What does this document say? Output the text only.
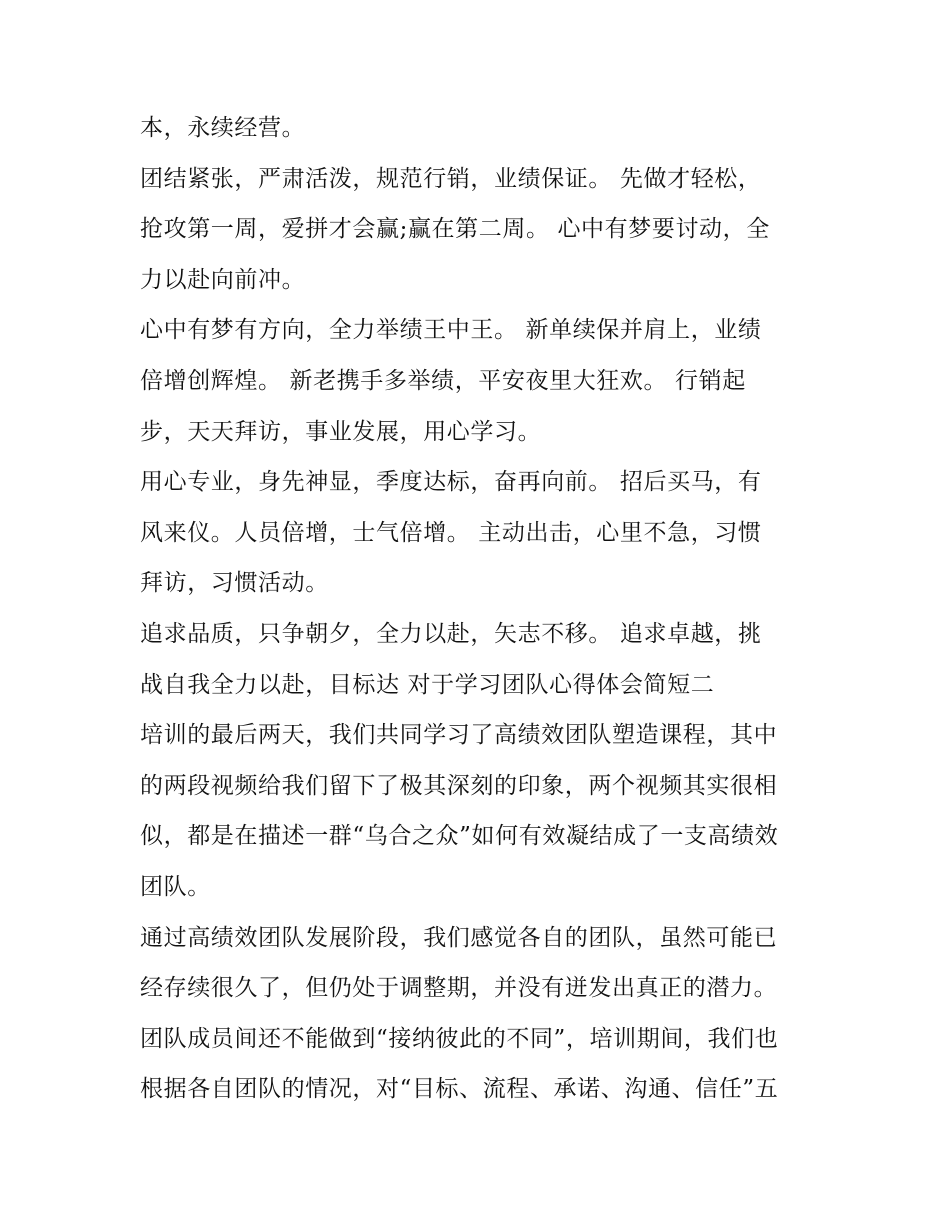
本，永续经营。
团结紧张，严肃活泼，规范行销，业绩保证。 先做才轻松，
抢攻第一周，爱拼才会赢;赢在第二周。 心中有梦要讨动，全
力以赴向前冲。
心中有梦有方向，全力举绩王中王。 新单续保并肩上，业绩
倍增创辉煌。 新老携手多举绩，平安夜里大狂欢。 行销起
步，天天拜访，事业发展，用心学习。
用心专业，身先神显，季度达标，奋再向前。 招后买马，有
风来仪。人员倍增，士气倍增。 主动出击，心里不急，习惯
拜访，习惯活动。
追求品质，只争朝夕，全力以赴，矢志不移。 追求卓越，挑
战自我全力以赴，目标达 对于学习团队心得体会简短二
培训的最后两天，我们共同学习了高绩效团队塑造课程，其中
的两段视频给我们留下了极其深刻的印象，两个视频其实很相
似，都是在描述一群“乌合之众”如何有效凝结成了一支高绩效
团队。
通过高绩效团队发展阶段，我们感觉各自的团队，虽然可能已
经存续很久了，但仍处于调整期，并没有迸发出真正的潜力。
团队成员间还不能做到“接纳彼此的不同”，培训期间，我们也
根据各自团队的情况，对“目标、流程、承诺、沟通、信任”五
